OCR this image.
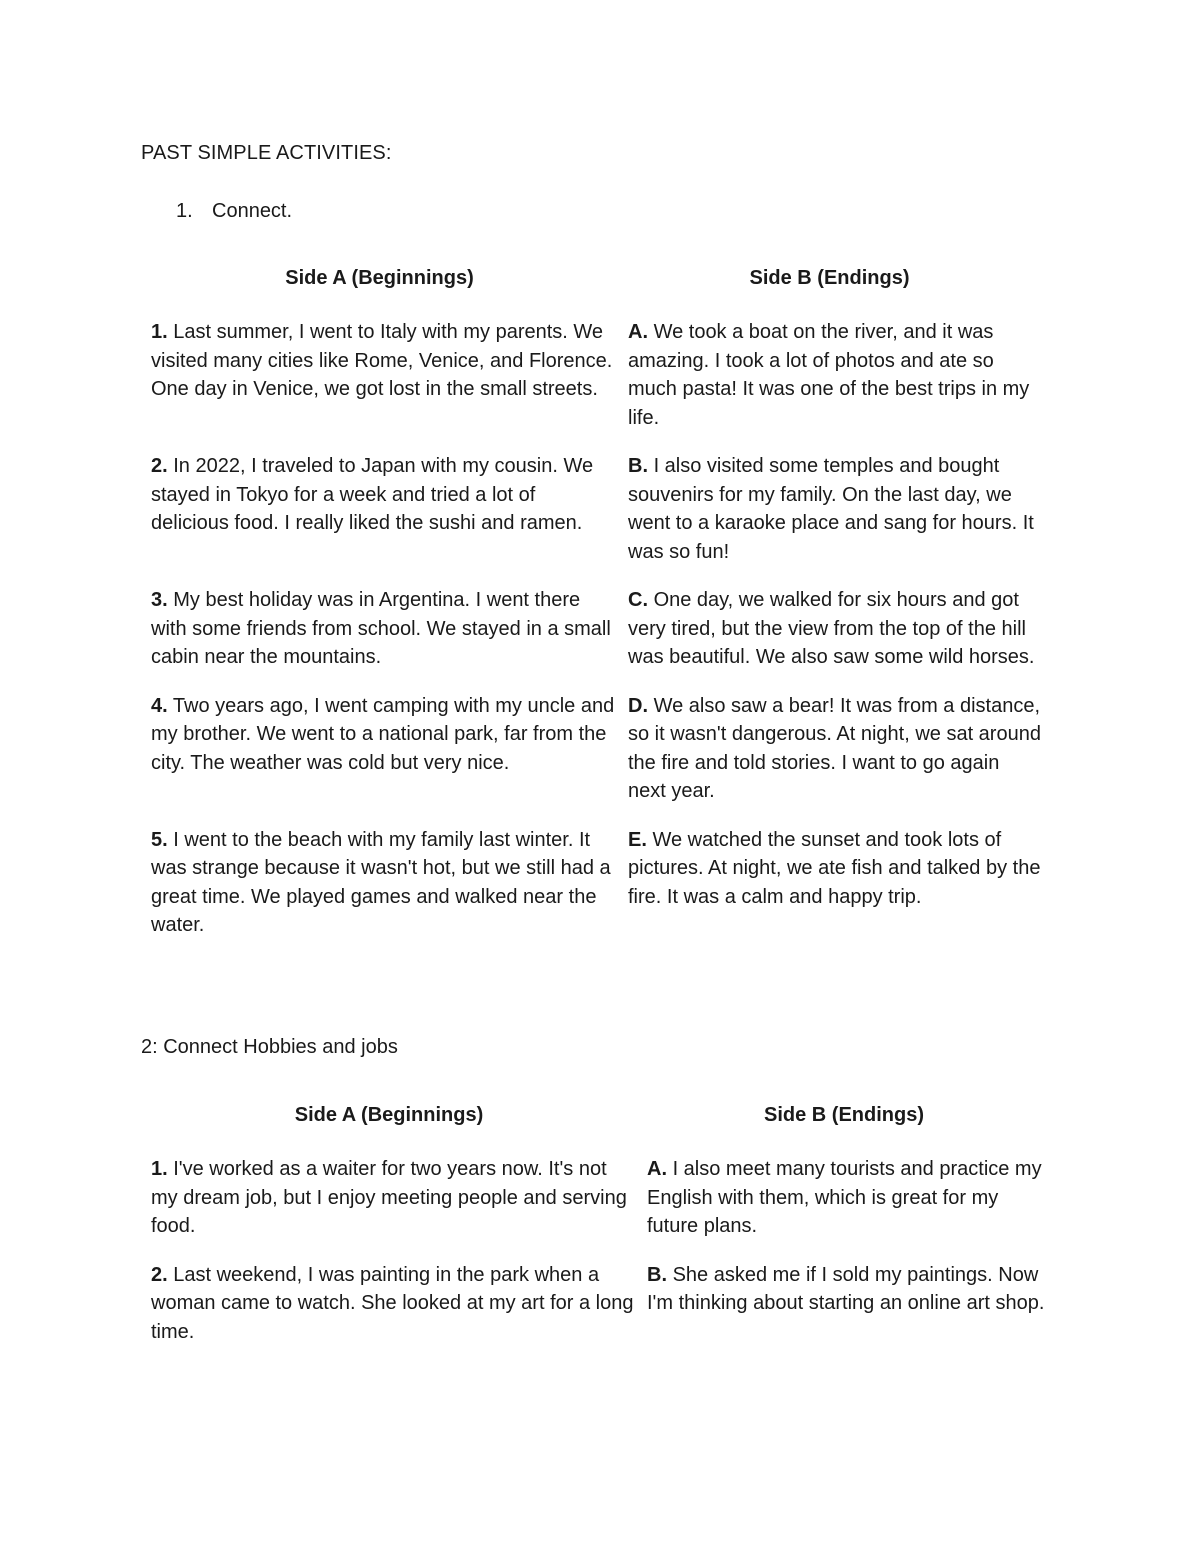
PAST SIMPLE ACTIVITIES:
1. Connect.
Side A (Beginnings)	Side B (Endings)
1. Last summer, I went to Italy with my parents. We visited many cities like Rome, Venice, and Florence. One day in Venice, we got lost in the small streets.	A. We took a boat on the river, and it was amazing. I took a lot of photos and ate so much pasta! It was one of the best trips in my life.
2. In 2022, I traveled to Japan with my cousin. We stayed in Tokyo for a week and tried a lot of delicious food. I really liked the sushi and ramen.	B. I also visited some temples and bought souvenirs for my family. On the last day, we went to a karaoke place and sang for hours. It was so fun!
3. My best holiday was in Argentina. I went there with some friends from school. We stayed in a small cabin near the mountains.	C. One day, we walked for six hours and got very tired, but the view from the top of the hill was beautiful. We also saw some wild horses.
4. Two years ago, I went camping with my uncle and my brother. We went to a national park, far from the city. The weather was cold but very nice.	D. We also saw a bear! It was from a distance, so it wasn't dangerous. At night, we sat around the fire and told stories. I want to go again next year.
5. I went to the beach with my family last winter. It was strange because it wasn't hot, but we still had a great time. We played games and walked near the water.	E. We watched the sunset and took lots of pictures. At night, we ate fish and talked by the fire. It was a calm and happy trip.
2: Connect Hobbies and jobs
Side A (Beginnings)	Side B (Endings)
1. I've worked as a waiter for two years now. It's not my dream job, but I enjoy meeting people and serving food.	A. I also meet many tourists and practice my English with them, which is great for my future plans.
2. Last weekend, I was painting in the park when a woman came to watch. She looked at my art for a long time.	B. She asked me if I sold my paintings. Now I'm thinking about starting an online art shop.
